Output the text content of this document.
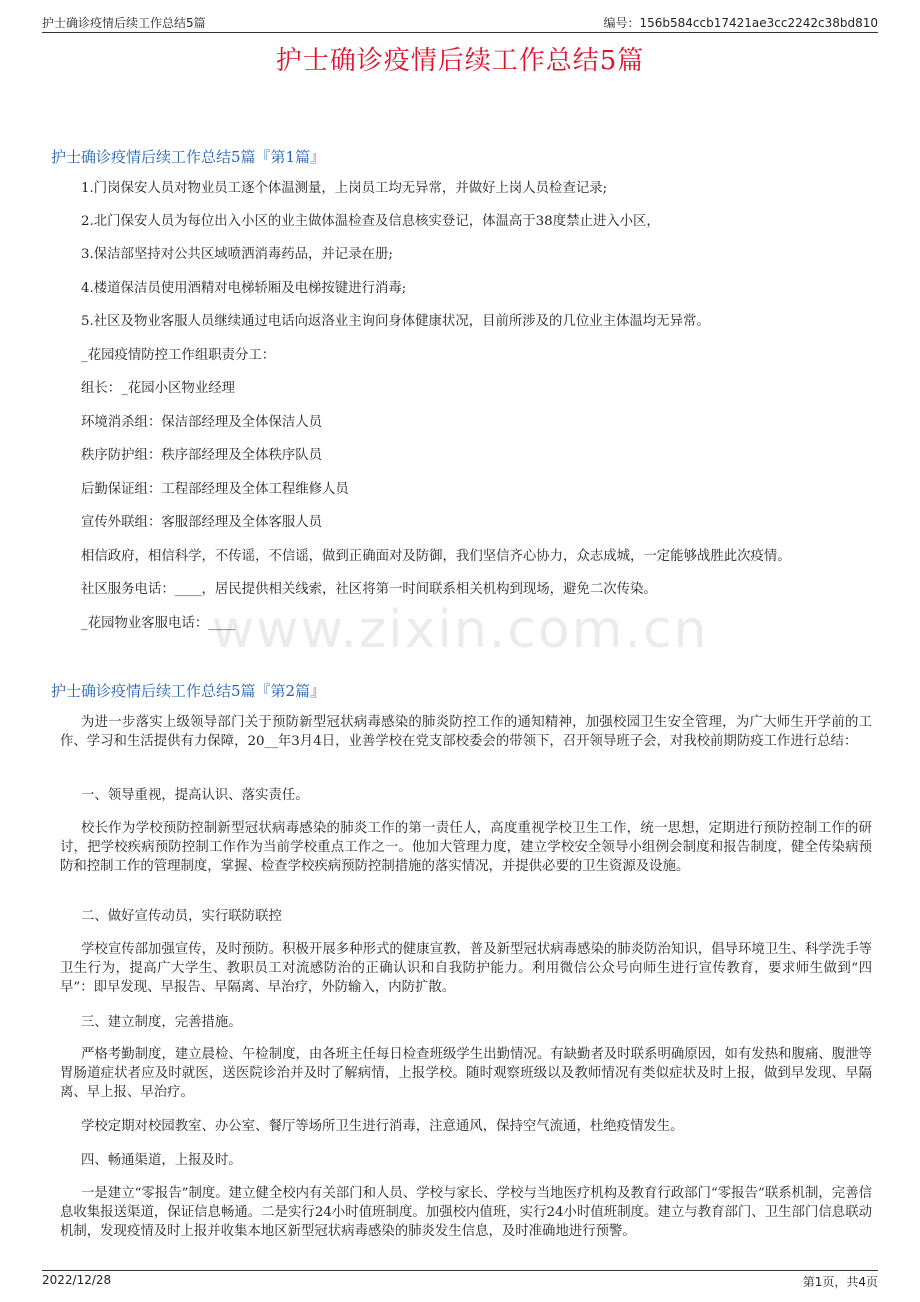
护士确诊疫情后续工作总结5篇	编号：156b584ccb17421ae3cc2242c38bd810
护士确诊疫情后续工作总结5篇
www.zixin.com.cn
护士确诊疫情后续工作总结5篇『第1篇』

1.门岗保安人员对物业员工逐个体温测量，上岗员工均无异常，并做好上岗人员检查记录;

2.北门保安人员为每位出入小区的业主做体温检查及信息核实登记，体温高于38度禁止进入小区，

3.保洁部坚持对公共区域喷洒消毒药品，并记录在册;

4.楼道保洁员使用酒精对电梯轿厢及电梯按键进行消毒;

5.社区及物业客服人员继续通过电话向返洛业主询问身体健康状况，目前所涉及的几位业主体温均无异常。

_花园疫情防控工作组职责分工：

组长：_花园小区物业经理

环境消杀组：保洁部经理及全体保洁人员

秩序防护组：秩序部经理及全体秩序队员

后勤保证组：工程部经理及全体工程维修人员

宣传外联组：客服部经理及全体客服人员

相信政府，相信科学，不传谣，不信谣，做到正确面对及防御，我们坚信齐心协力，众志成城，一定能够战胜此次疫情。

社区服务电话：____，居民提供相关线索，社区将第一时间联系相关机构到现场，避免二次传染。

_花园物业客服电话：____

护士确诊疫情后续工作总结5篇『第2篇』

为进一步落实上级领导部门关于预防新型冠状病毒感染的肺炎防控工作的通知精神，加强校园卫生安全管理，为广大师生开学前的工作、学习和生活提供有力保障，20__年3月4日，业善学校在党支部校委会的带领下，召开领导班子会，对我校前期防疫工作进行总结：

一、领导重视，提高认识、落实责任。

校长作为学校预防控制新型冠状病毒感染的肺炎工作的第一责任人，高度重视学校卫生工作，统一思想，定期进行预防控制工作的研讨，把学校疾病预防控制工作作为当前学校重点工作之一。他加大管理力度，建立学校安全领导小组例会制度和报告制度，健全传染病预防和控制工作的管理制度，掌握、检查学校疾病预防控制措施的落实情况，并提供必要的卫生资源及设施。

二、做好宣传动员，实行联防联控

学校宣传部加强宣传，及时预防。积极开展多种形式的健康宣教，普及新型冠状病毒感染的肺炎防治知识，倡导环境卫生、科学洗手等卫生行为，提高广大学生、教职员工对流感防治的正确认识和自我防护能力。利用微信公众号向师生进行宣传教育，要求师生做到“四早”：即早发现、早报告、早隔离、早治疗，外防输入，内防扩散。

三、建立制度，完善措施。

严格考勤制度，建立晨检、午检制度，由各班主任每日检查班级学生出勤情况。有缺勤者及时联系明确原因，如有发热和腹痛、腹泄等胃肠道症状者应及时就医，送医院诊治并及时了解病情，上报学校。随时观察班级以及教师情况有类似症状及时上报，做到早发现、早隔离、早上报、早治疗。

学校定期对校园教室、办公室、餐厅等场所卫生进行消毒，注意通风，保持空气流通，杜绝疫情发生。

四、畅通渠道，上报及时。

一是建立“零报告”制度。建立健全校内有关部门和人员、学校与家长、学校与当地医疗机构及教育行政部门“零报告”联系机制，完善信息收集报送渠道，保证信息畅通。二是实行24小时值班制度。加强校内值班，实行24小时值班制度。建立与教育部门、卫生部门信息联动机制，发现疫情及时上报并收集本地区新型冠状病毒感染的肺炎发生信息，及时准确地进行预警。

2022/12/28	第1页，共4页
